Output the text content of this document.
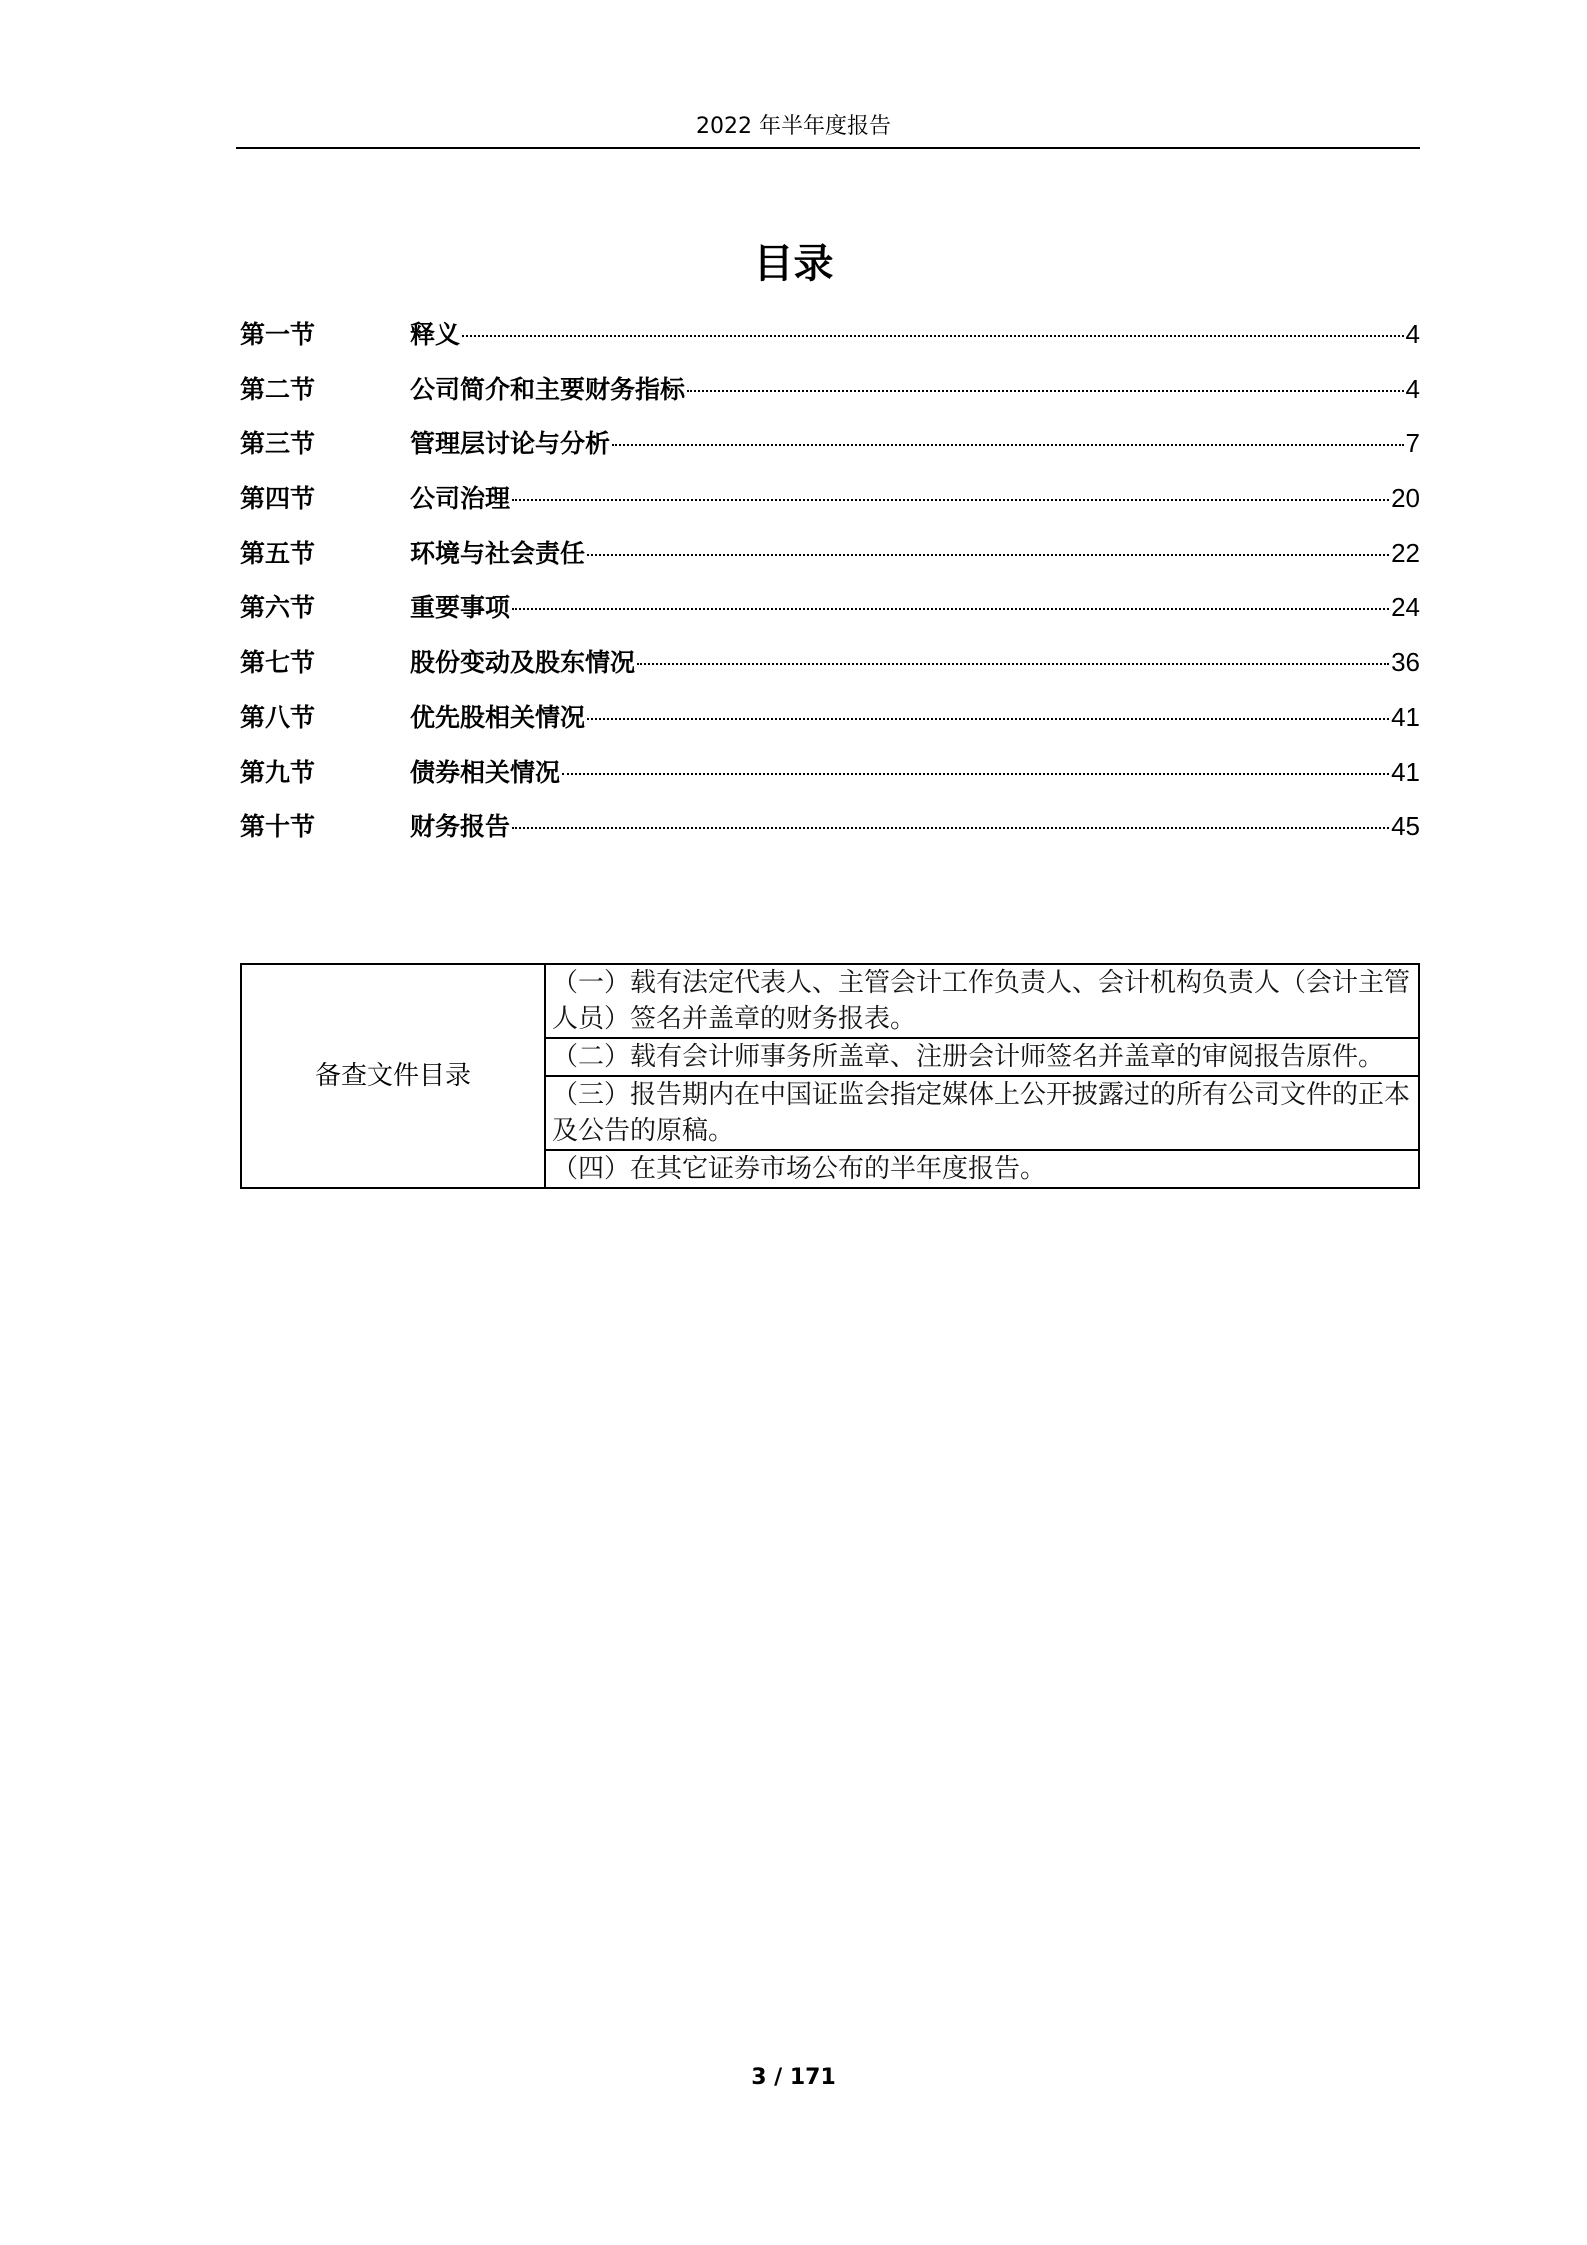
2022 年半年度报告
目录
第一节	释义	4
第二节	公司简介和主要财务指标	4
第三节	管理层讨论与分析	7
第四节	公司治理	20
第五节	环境与社会责任	22
第六节	重要事项	24
第七节	股份变动及股东情况	36
第八节	优先股相关情况	41
第九节	债券相关情况	41
第十节	财务报告	45
备查文件目录	（一）载有法定代表人、主管会计工作负责人、会计机构负责人（会计主管人员）签名并盖章的财务报表。
（二）载有会计师事务所盖章、注册会计师签名并盖章的审阅报告原件。
（三）报告期内在中国证监会指定媒体上公开披露过的所有公司文件的正本及公告的原稿。
（四）在其它证券市场公布的半年度报告。
3 / 171
